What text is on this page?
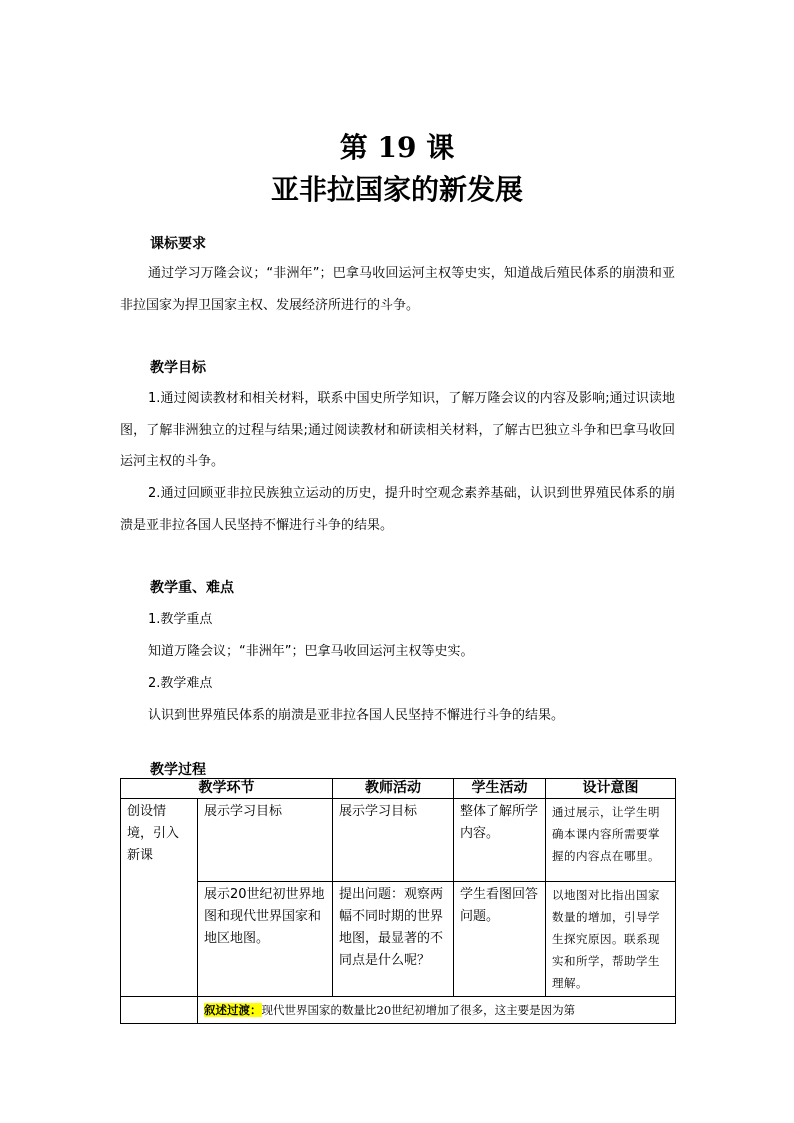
第 19 课
亚非拉国家的新发展
课标要求
通过学习万隆会议；“非洲年”；巴拿马收回运河主权等史实，知道战后殖民体系的崩溃和亚非拉国家为捍卫国家主权、发展经济所进行的斗争。
教学目标
1.通过阅读教材和相关材料，联系中国史所学知识，了解万隆会议的内容及影响;通过识读地图，了解非洲独立的过程与结果;通过阅读教材和研读相关材料，了解古巴独立斗争和巴拿马收回运河主权的斗争。
2.通过回顾亚非拉民族独立运动的历史，提升时空观念素养基础，认识到世界殖民体系的崩溃是亚非拉各国人民坚持不懈进行斗争的结果。
教学重、难点
1.教学重点
知道万隆会议；“非洲年”；巴拿马收回运河主权等史实。
2.教学难点
认识到世界殖民体系的崩溃是亚非拉各国人民坚持不懈进行斗争的结果。
教学过程
教学环节		教师活动	学生活动	设计意图
创设情境，引入新课	展示学习目标	展示学习目标	整体了解所学内容。	通过展示，让学生明确本课内容所需要掌握的内容点在哪里。
	展示20世纪初世界地图和现代世界国家和地区地图。	提出问题：观察两幅不同时期的世界地图，最显著的不同点是什么呢？	学生看图回答问题。	以地图对比指出国家数量的增加，引导学生探究原因。联系现实和所学，帮助学生理解。
	叙述过渡：现代世界国家的数量比20世纪初增加了很多，这主要是因为第			
